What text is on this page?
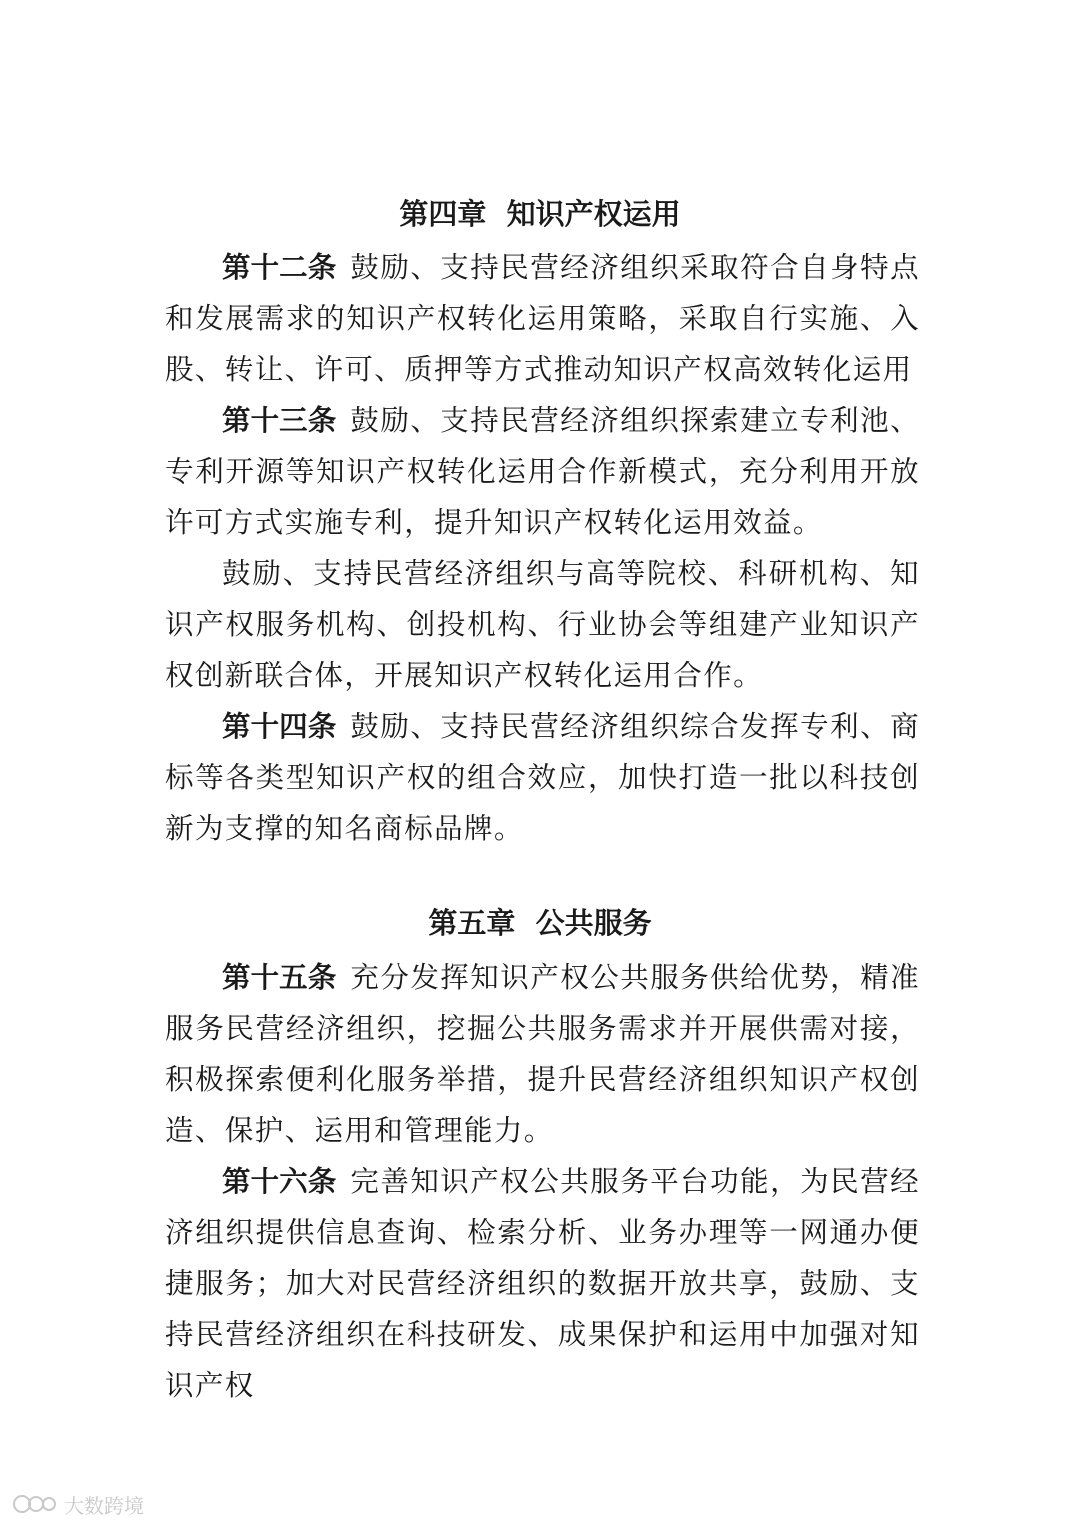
第四章  知识产权运用

第十二条 鼓励、支持民营经济组织采取符合自身特点和发展需求的知识产权转化运用策略，采取自行实施、入股、转让、许可、质押等方式推动知识产权高效转化运用

第十三条 鼓励、支持民营经济组织探索建立专利池、专利开源等知识产权转化运用合作新模式，充分利用开放许可方式实施专利，提升知识产权转化运用效益。

鼓励、支持民营经济组织与高等院校、科研机构、知识产权服务机构、创投机构、行业协会等组建产业知识产权创新联合体，开展知识产权转化运用合作。

第十四条 鼓励、支持民营经济组织综合发挥专利、商标等各类型知识产权的组合效应，加快打造一批以科技创新为支撑的知名商标品牌。

第五章  公共服务

第十五条 充分发挥知识产权公共服务供给优势，精准服务民营经济组织，挖掘公共服务需求并开展供需对接，积极探索便利化服务举措，提升民营经济组织知识产权创造、保护、运用和管理能力。

第十六条 完善知识产权公共服务平台功能，为民营经济组织提供信息查询、检索分析、业务办理等一网通办便捷服务；加大对民营经济组织的数据开放共享，鼓励、支持民营经济组织在科技研发、成果保护和运用中加强对知识产权

大数跨境
